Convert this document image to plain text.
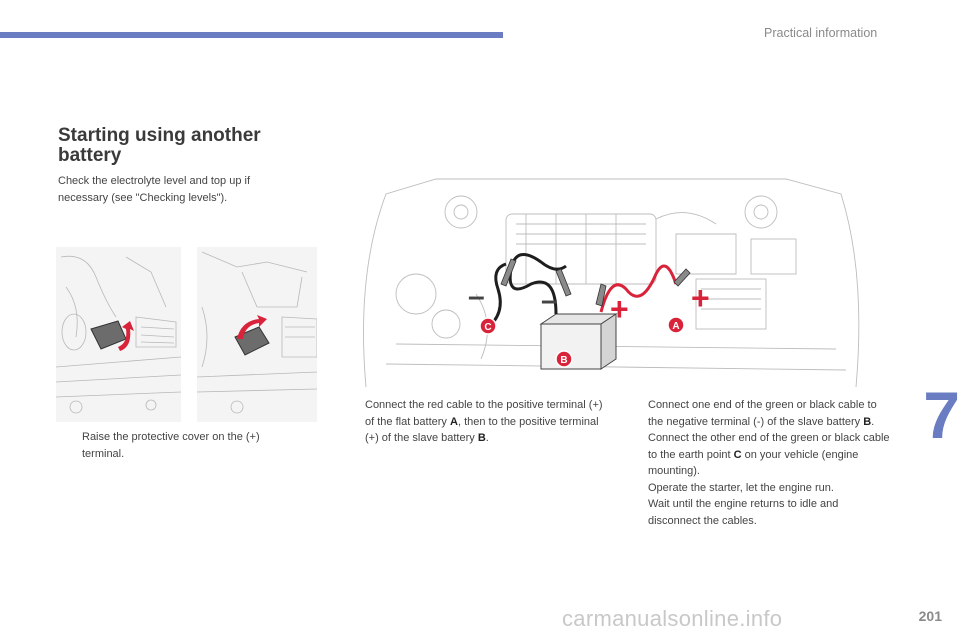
Practical information
7
Starting using another battery
Check the electrolyte level and top up if necessary (see "Checking levels").
– – + +
C	A
B

Raise the protective cover on the (+) terminal.

Connect the red cable to the positive terminal (+) of the flat battery A, then to the positive terminal (+) of the slave battery B.

Connect one end of the green or black cable to the negative terminal (-) of the slave battery B.

Connect the other end of the green or black cable to the earth point C on your vehicle (engine mounting).

Operate the starter, let the engine run.

Wait until the engine returns to idle and disconnect the cables.

201
carmanualsonline.info
